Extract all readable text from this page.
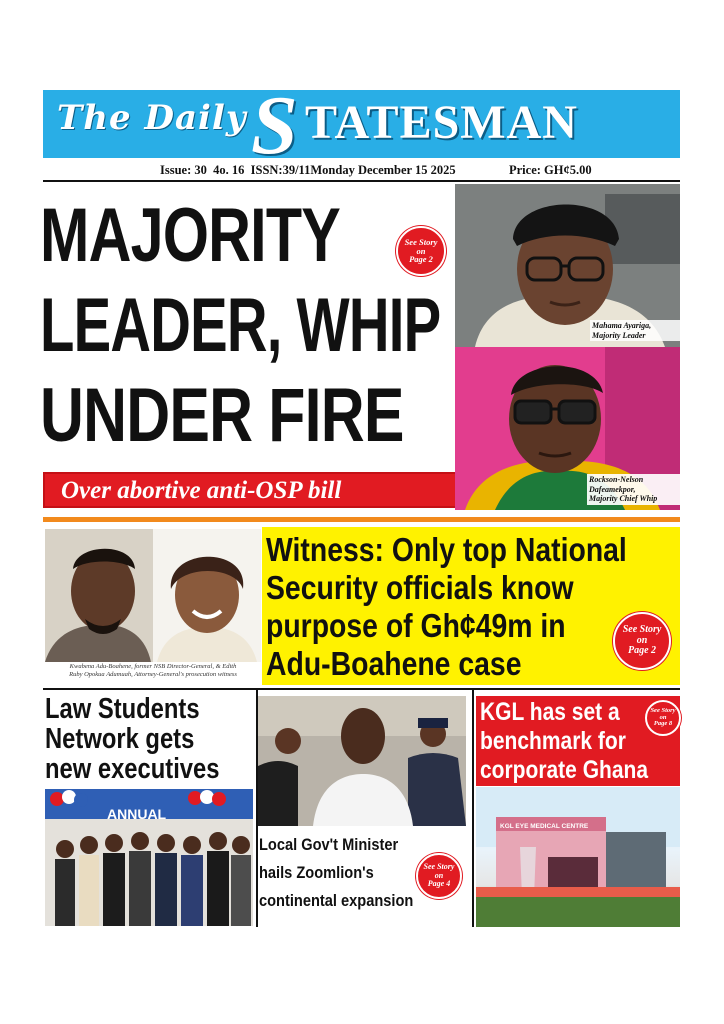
The Daily S TATESMAN
Issue: 30  4o. 16  ISSN:39/11Monday December 15 2025	Price: GH¢5.00
MAJORITY
LEADER, WHIP
UNDER FIRE
See Story
on
Page 2
Over abortive anti-OSP bill
Mahama Ayariga,
Majority Leader
Rockson-Nelson
Dafeamekpor,
Majority Chief Whip
Kwabena Adu-Boahene, former NSB Director-General, & Edith
Ruby Opokua Adumuah, Attorney-General's prosecution witness
Witness: Only top National
Security officials know
purpose of Gh¢49m in
Adu-Boahene case
See Story
on
Page 2
Law Students
Network gets
new executives
ANNUAL
Local Gov't Minister
hails Zoomlion's
continental expansion
See Story
on
Page 4
KGL has set a
benchmark for
corporate Ghana
See Story
on
Page 8
KGL EYE MEDICAL CENTRE
